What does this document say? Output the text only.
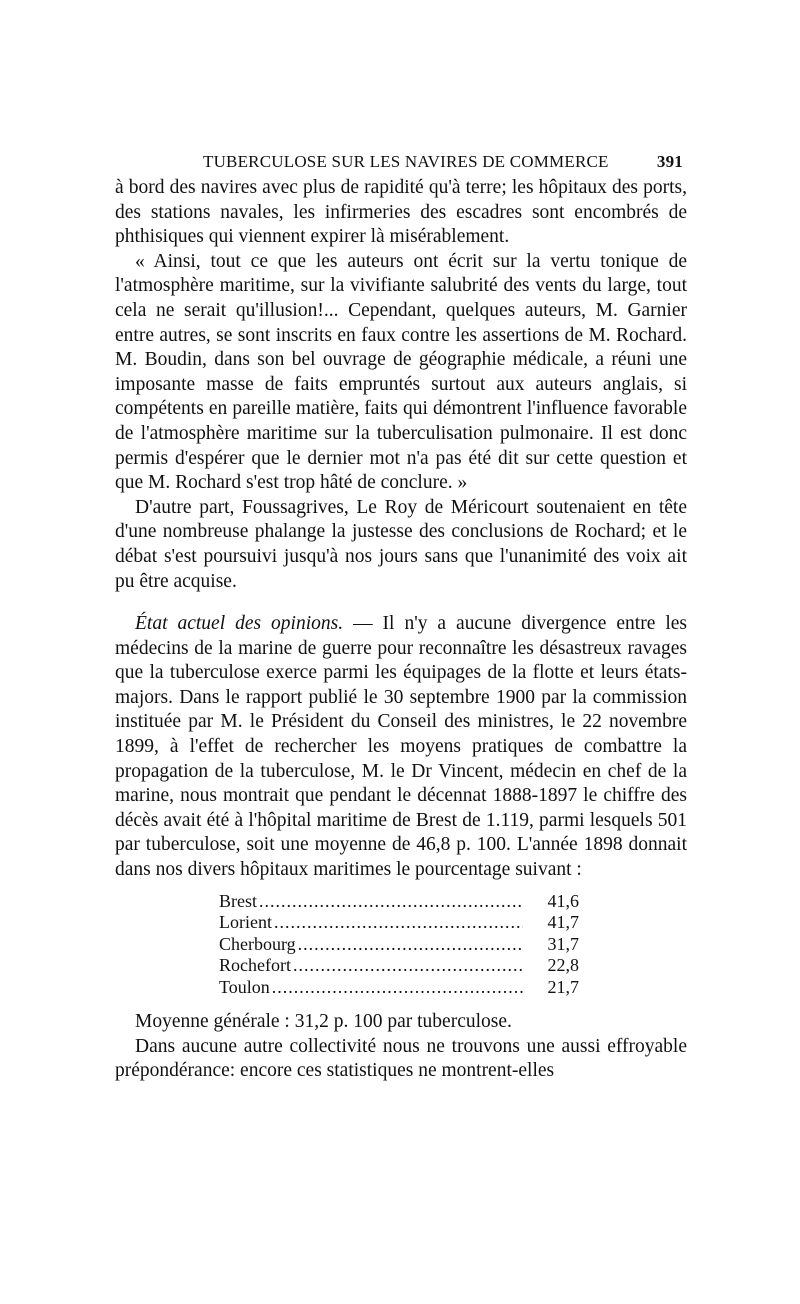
TUBERCULOSE SUR LES NAVIRES DE COMMERCE	391

à bord des navires avec plus de rapidité qu'à terre; les hôpitaux des ports, des stations navales, les infirmeries des escadres sont encombrés de phthisiques qui viennent expirer là misérablement.

« Ainsi, tout ce que les auteurs ont écrit sur la vertu tonique de l'atmosphère maritime, sur la vivifiante salubrité des vents du large, tout cela ne serait qu'illusion!... Cependant, quelques auteurs, M. Garnier entre autres, se sont inscrits en faux contre les assertions de M. Rochard. M. Boudin, dans son bel ouvrage de géographie médicale, a réuni une imposante masse de faits empruntés surtout aux auteurs anglais, si compétents en pareille matière, faits qui démontrent l'influence favorable de l'atmosphère maritime sur la tuberculisation pulmonaire. Il est donc permis d'espérer que le dernier mot n'a pas été dit sur cette question et que M. Rochard s'est trop hâté de conclure. »

D'autre part, Foussagrives, Le Roy de Méricourt soutenaient en tête d'une nombreuse phalange la justesse des conclusions de Rochard; et le débat s'est poursuivi jusqu'à nos jours sans que l'unanimité des voix ait pu être acquise.

État actuel des opinions. — Il n'y a aucune divergence entre les médecins de la marine de guerre pour reconnaître les désastreux ravages que la tuberculose exerce parmi les équipages de la flotte et leurs états-majors. Dans le rapport publié le 30 septembre 1900 par la commission instituée par M. le Président du Conseil des ministres, le 22 novembre 1899, à l'effet de rechercher les moyens pratiques de combattre la propagation de la tuberculose, M. le Dr Vincent, médecin en chef de la marine, nous montrait que pendant le décennat 1888-1897 le chiffre des décès avait été à l'hôpital maritime de Brest de 1.119, parmi lesquels 501 par tuberculose, soit une moyenne de 46,8 p. 100. L'année 1898 donnait dans nos divers hôpitaux maritimes le pourcentage suivant :

Brest .....	41,6
Lorient .....	41,7
Cherbourg .....	31,7
Rochefort .....	22,8
Toulon .....	21,7

Moyenne générale : 31,2 p. 100 par tuberculose.

Dans aucune autre collectivité nous ne trouvons une aussi effroyable prépondérance: encore ces statistiques ne montrent-elles
